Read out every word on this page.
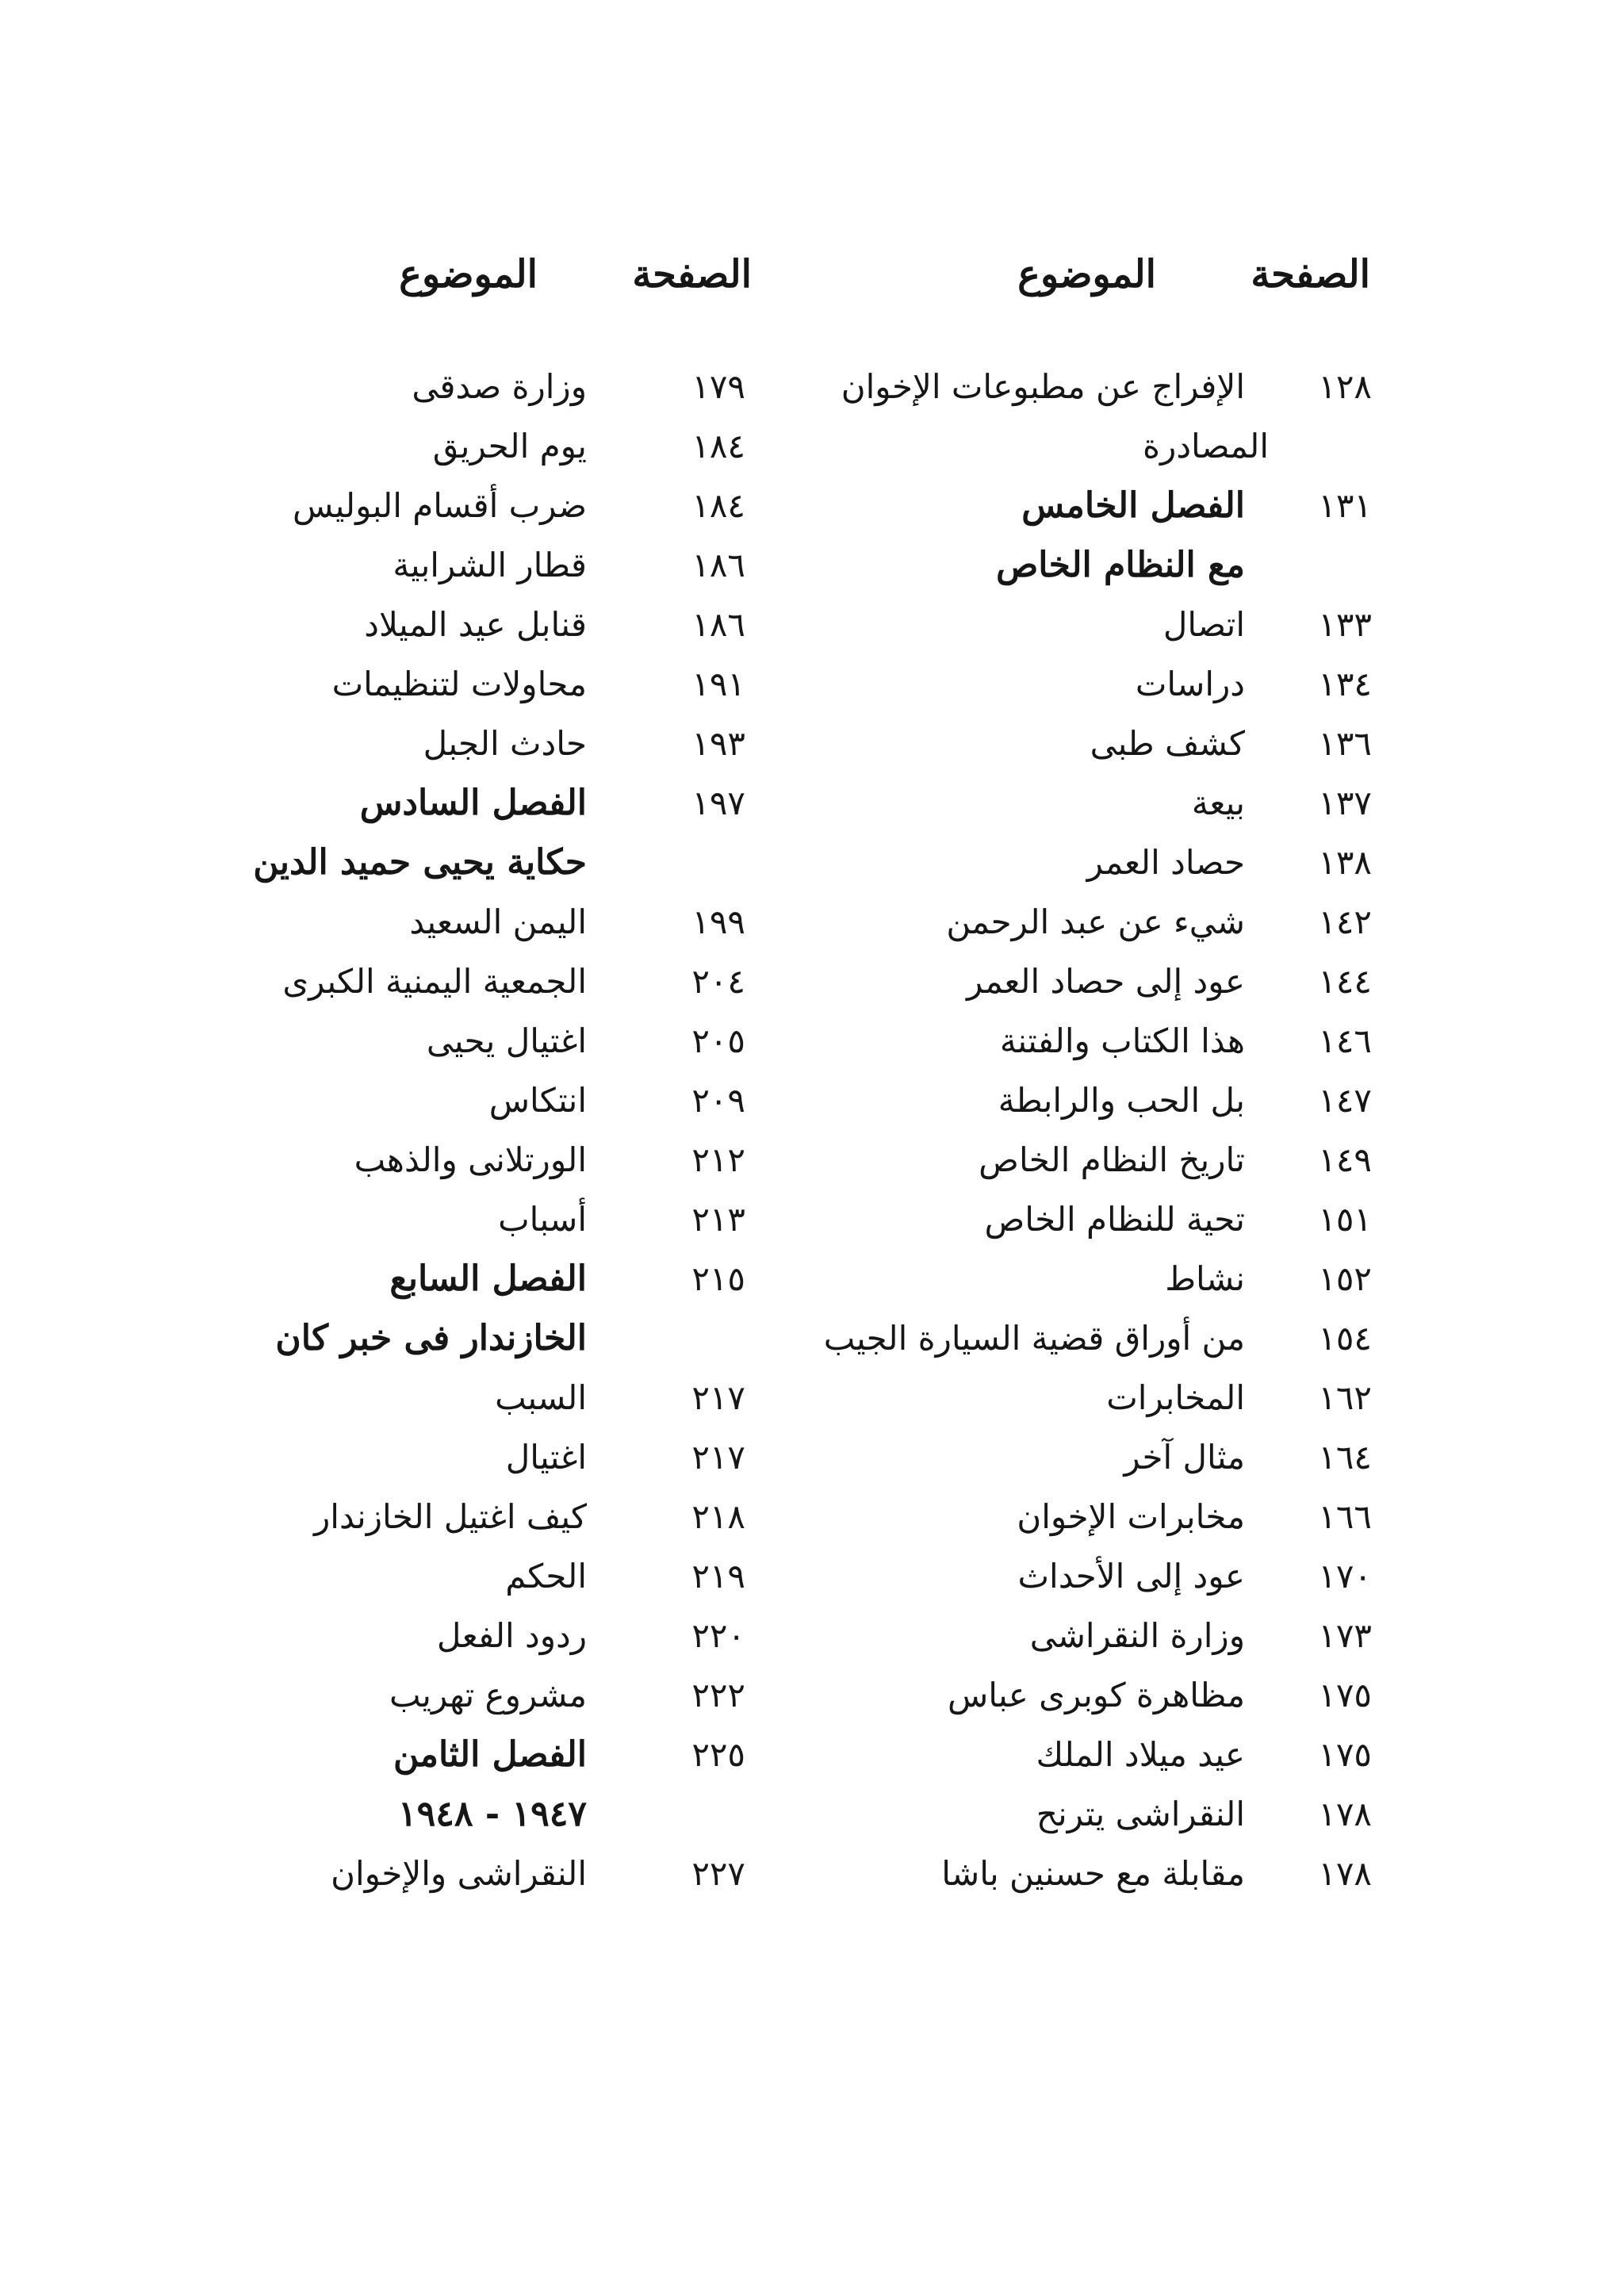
الصفحة
الموضوع
الصفحة
الموضوع
١٢٨
الإفراج عن مطبوعات الإخوان
المصادرة
١٣١
الفصل الخامس
مع النظام الخاص
١٣٣
اتصال
١٣٤
دراسات
١٣٦
كشف طبى
١٣٧
بيعة
١٣٨
حصاد العمر
١٤٢
شيء عن عبد الرحمن
١٤٤
عود إلى حصاد العمر
١٤٦
هذا الكتاب والفتنة
١٤٧
بل الحب والرابطة
١٤٩
تاريخ النظام الخاص
١٥١
تحية للنظام الخاص
١٥٢
نشاط
١٥٤
من أوراق قضية السيارة الجيب
١٦٢
المخابرات
١٦٤
مثال آخر
١٦٦
مخابرات الإخوان
١٧٠
عود إلى الأحداث
١٧٣
وزارة النقراشى
١٧٥
مظاهرة كوبرى عباس
١٧٥
عيد ميلاد الملك
١٧٨
النقراشى يترنح
١٧٨
مقابلة مع حسنين باشا
١٧٩
وزارة صدقى
١٨٤
يوم الحريق
١٨٤
ضرب أقسام البوليس
١٨٦
قطار الشرابية
١٨٦
قنابل عيد الميلاد
١٩١
محاولات لتنظيمات
١٩٣
حادث الجبل
١٩٧
الفصل السادس
حكاية يحيى حميد الدين
١٩٩
اليمن السعيد
٢٠٤
الجمعية اليمنية الكبرى
٢٠٥
اغتيال يحيى
٢٠٩
انتكاس
٢١٢
الورتلانى والذهب
٢١٣
أسباب
٢١٥
الفصل السابع
الخازندار فى خبر كان
٢١٧
السبب
٢١٧
اغتيال
٢١٨
كيف اغتيل الخازندار
٢١٩
الحكم
٢٢٠
ردود الفعل
٢٢٢
مشروع تهريب
٢٢٥
الفصل الثامن
١٩٤٧ - ١٩٤٨
٢٢٧
النقراشى والإخوان
